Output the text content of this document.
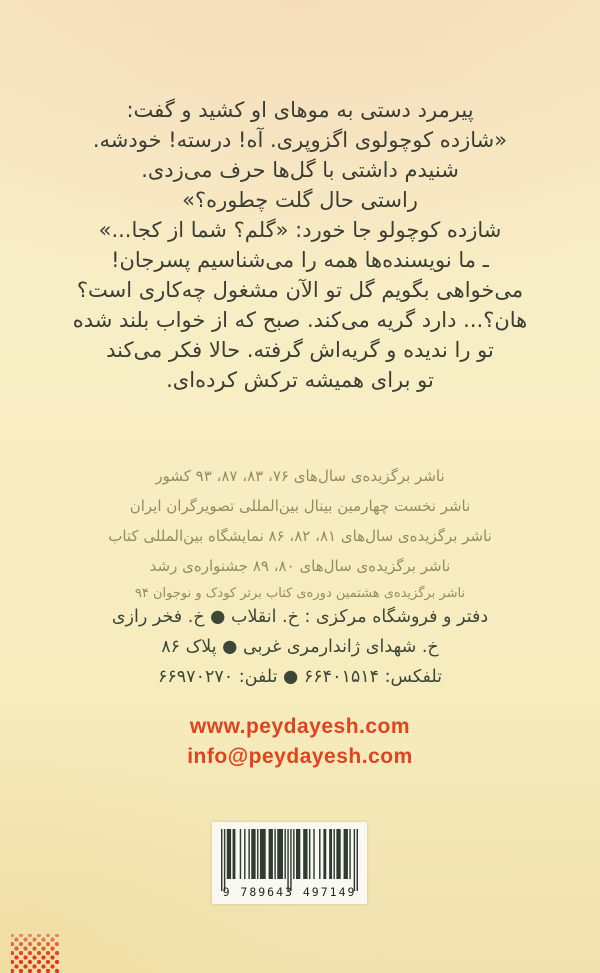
پیرمرد دستی به موهای او کشید و گفت:
«شازده کوچولوی اگزوپری. آه! درسته! خودشه.
شنیدم داشتی با گل‌ها حرف می‌زدی.
راستی حال گلت چطوره؟»
شازده کوچولو جا خورد: «گلم؟ شما از کجا...»
ـ ما نویسنده‌ها همه را می‌شناسیم پسرجان!
می‌خواهی بگویم گل تو الآن مشغول چه‌کاری است؟
هان؟... دارد گریه می‌کند. صبح که از خواب بلند شده
تو را ندیده و گریه‌اش گرفته. حالا فکر می‌کند
تو برای همیشه ترکش کرده‌ای.
ناشر برگزیده‌ی سال‌های ۷۶، ۸۳، ۸۷، ۹۳ کشور
ناشر نخست چهارمین بینال بین‌المللی تصویرگران ایران
ناشر برگزیده‌ی سال‌های ۸۱، ۸۲، ۸۶ نمایشگاه بین‌المللی کتاب
ناشر برگزیده‌ی سال‌های ۸۰، ۸۹ جشنواره‌ی رشد
ناشر برگزیده‌ی هشتمین دوره‌ی کتاب برتر کودک و نوجوان ۹۴
دفتر و فروشگاه مرکزی : خ. انقلاب ● خ. فخر رازی
خ. شهدای ژاندارمری غربی ● پلاک ۸۶
تلفکس: ۶۶۴۰۱۵۱۴ ● تلفن: ۶۶۹۷۰۲۷۰
www.peydayesh.com
info@peydayesh.com
9 789643 497149
